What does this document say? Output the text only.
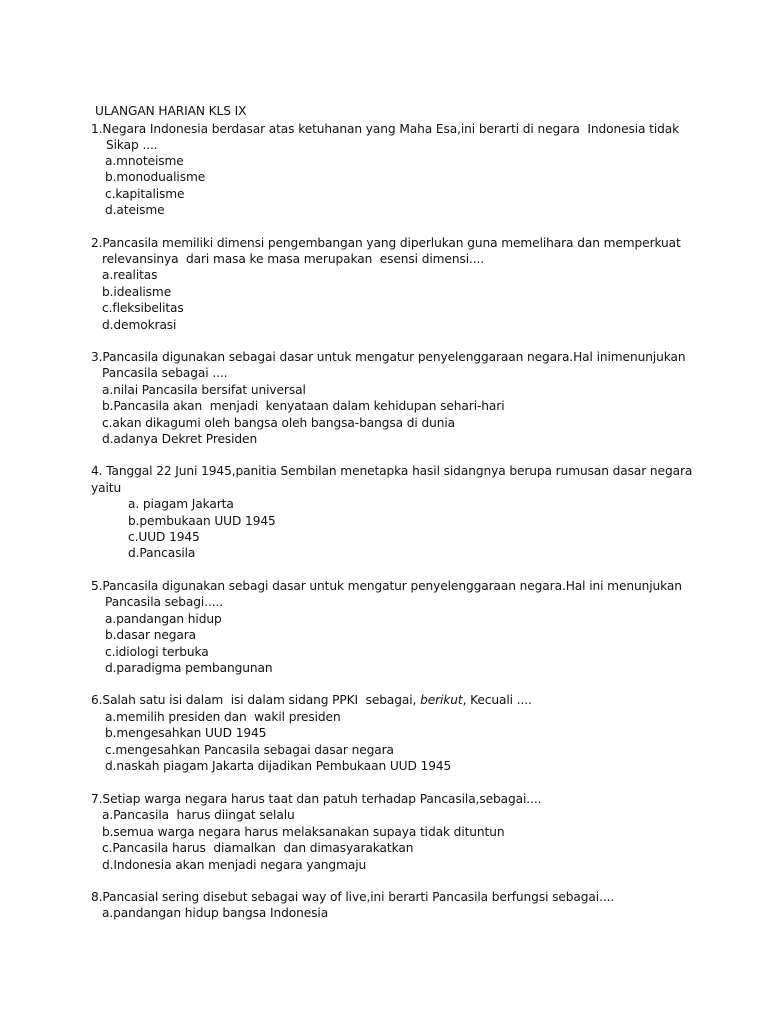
ULANGAN HARIAN KLS IX
1.Negara Indonesia berdasar atas ketuhanan yang Maha Esa,ini berarti di negara  Indonesia tidak
Sikap ....
a.mnoteisme
b.monodualisme
c.kapitalisme
d.ateisme
2.Pancasila memiliki dimensi pengembangan yang diperlukan guna memelihara dan memperkuat
relevansinya  dari masa ke masa merupakan  esensi dimensi....
a.realitas
b.idealisme
c.fleksibelitas
d.demokrasi
3.Pancasila digunakan sebagai dasar untuk mengatur penyelenggaraan negara.Hal inimenunjukan
Pancasila sebagai ....
a.nilai Pancasila bersifat universal
b.Pancasila akan  menjadi  kenyataan dalam kehidupan sehari-hari
c.akan dikagumi oleh bangsa oleh bangsa-bangsa di dunia
d.adanya Dekret Presiden
4. Tanggal 22 Juni 1945,panitia Sembilan menetapka hasil sidangnya berupa rumusan dasar negara
yaitu
a. piagam Jakarta
b.pembukaan UUD 1945
c.UUD 1945
d.Pancasila
5.Pancasila digunakan sebagi dasar untuk mengatur penyelenggaraan negara.Hal ini menunjukan
Pancasila sebagi.....
a.pandangan hidup
b.dasar negara
c.idiologi terbuka
d.paradigma pembangunan
6.Salah satu isi dalam  isi dalam sidang PPKI  sebagai, berikut, Kecuali ....
a.memilih presiden dan  wakil presiden
b.mengesahkan UUD 1945
c.mengesahkan Pancasila sebagai dasar negara
d.naskah piagam Jakarta dijadikan Pembukaan UUD 1945
7.Setiap warga negara harus taat dan patuh terhadap Pancasila,sebagai....
a.Pancasila  harus diingat selalu
b.semua warga negara harus melaksanakan supaya tidak dituntun
c.Pancasila harus  diamalkan  dan dimasyarakatkan
d.Indonesia akan menjadi negara yangmaju
8.Pancasial sering disebut sebagai way of live,ini berarti Pancasila berfungsi sebagai....
a.pandangan hidup bangsa Indonesia
